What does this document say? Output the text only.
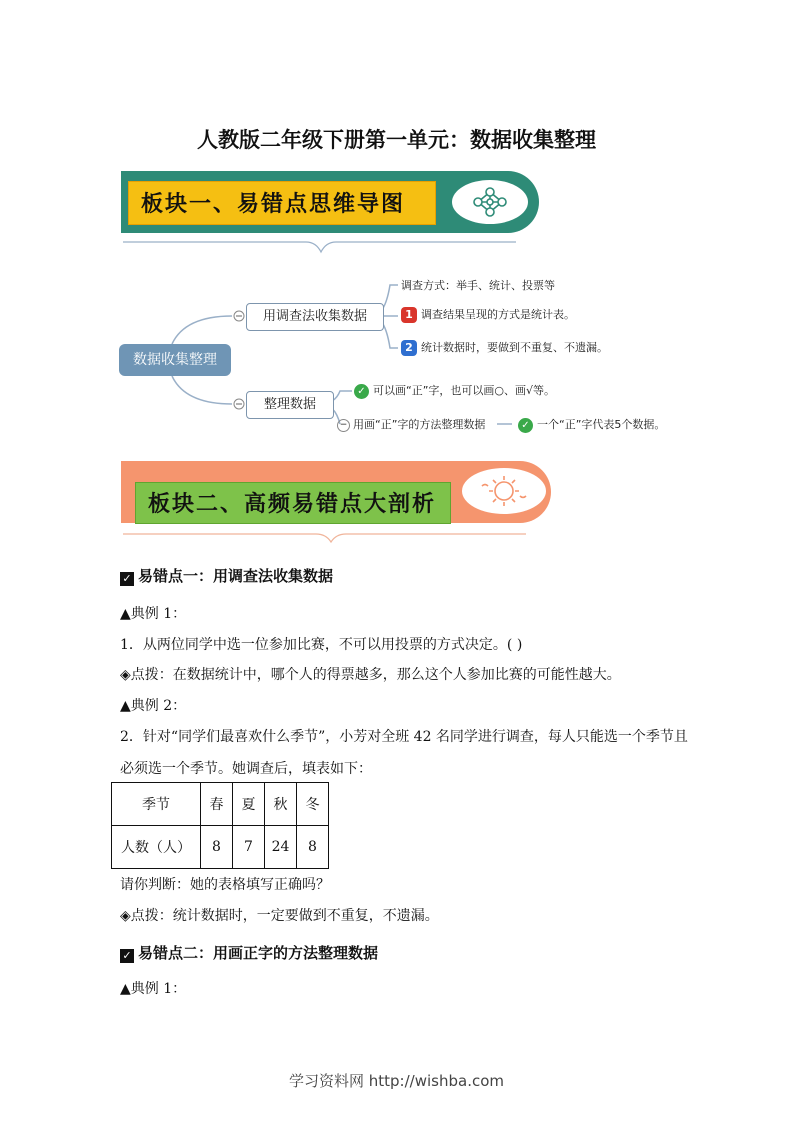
人教版二年级下册第一单元：数据收集整理
板块一、易错点思维导图
数据收集整理
用调查法收集数据
整理数据
调查方式：举手、统计、投票等
1 调查结果呈现的方式是统计表。
2 统计数据时，要做到不重复、不遗漏。
✓ 可以画“正”字，也可以画○、画√等。
− 用画“正”字的方法整理数据	✓ 一个“正”字代表5个数据。
板块二、高频易错点大剖析
✓ 易错点一：用调查法收集数据
▲典例 1：
1．从两位同学中选一位参加比赛，不可以用投票的方式决定。( )
◈点拨：在数据统计中，哪个人的得票越多，那么这个人参加比赛的可能性越大。
▲典例 2：
2．针对“同学们最喜欢什么季节”，小芳对全班 42 名同学进行调查，每人只能选一个季节且
必须选一个季节。她调查后，填表如下：
季节	春	夏	秋	冬
人数（人）	8	7	24	8
请你判断：她的表格填写正确吗？
◈点拨：统计数据时，一定要做到不重复，不遗漏。
✓ 易错点二：用画正字的方法整理数据
▲典例 1：
学习资料网 http://wishba.com
